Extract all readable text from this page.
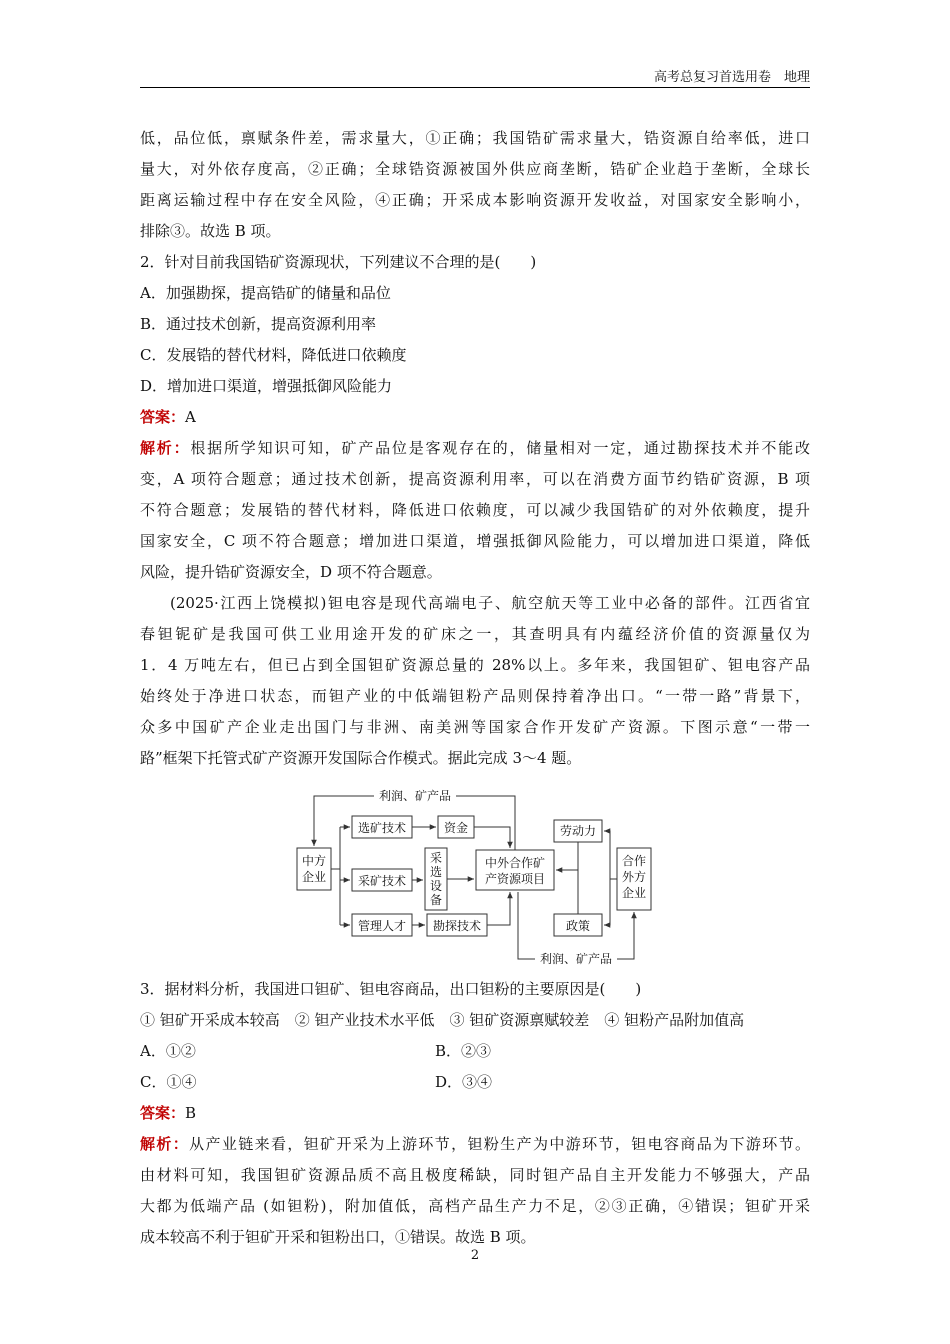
高考总复习首选用卷　地理
低，品位低，禀赋条件差，需求量大，①正确；我国锆矿需求量大，锆资源自给率低，进口
量大，对外依存度高，②正确；全球锆资源被国外供应商垄断，锆矿企业趋于垄断，全球长
距离运输过程中存在安全风险，④正确；开采成本影响资源开发收益，对国家安全影响小，
排除③。故选 B 项。
2．针对目前我国锆矿资源现状，下列建议不合理的是(　　)
A．加强勘探，提高锆矿的储量和品位
B．通过技术创新，提高资源利用率
C．发展锆的替代材料，降低进口依赖度
D．增加进口渠道，增强抵御风险能力
答案：A
解析：根据所学知识可知，矿产品位是客观存在的，储量相对一定，通过勘探技术并不能改
变，A 项符合题意；通过技术创新，提高资源利用率，可以在消费方面节约锆矿资源，B 项
不符合题意；发展锆的替代材料，降低进口依赖度，可以减少我国锆矿的对外依赖度，提升
国家安全，C 项不符合题意；增加进口渠道，增强抵御风险能力，可以增加进口渠道，降低
风险，提升锆矿资源安全，D 项不符合题意。
(2025·江西上饶模拟)钽电容是现代高端电子、航空航天等工业中必备的部件。江西省宜
春钽铌矿是我国可供工业用途开发的矿床之一，其查明具有内蕴经济价值的资源量仅为
1．4 万吨左右，但已占到全国钽矿资源总量的 28%以上。多年来，我国钽矿、钽电容产品
始终处于净进口状态，而钽产业的中低端钽粉产品则保持着净出口。“一带一路”背景下，
众多中国矿产企业走出国门与非洲、南美洲等国家合作开发矿产资源。下图示意“一带一
路”框架下托管式矿产资源开发国际合作模式。据此完成 3～4 题。
利润、矿产品
利润、矿产品
中方
企业
选矿技术	资金
采矿技术
采
选
设
备
中外合作矿
产资源项目
管理人才 勘探技术
劳动力
政策
合作
外方
企业
3．据材料分析，我国进口钽矿、钽电容商品，出口钽粉的主要原因是(　　)
① 钽矿开采成本较高　② 钽产业技术水平低　③ 钽矿资源禀赋较差　④ 钽粉产品附加值高
A．①②	B．②③
C．①④	D．③④
答案：B
解析：从产业链来看，钽矿开采为上游环节，钽粉生产为中游环节，钽电容商品为下游环节。
由材料可知，我国钽矿资源品质不高且极度稀缺，同时钽产品自主开发能力不够强大，产品
大都为低端产品 (如钽粉)，附加值低，高档产品生产力不足，②③正确，④错误；钽矿开采
成本较高不利于钽矿开采和钽粉出口，①错误。故选 B 项。
2
